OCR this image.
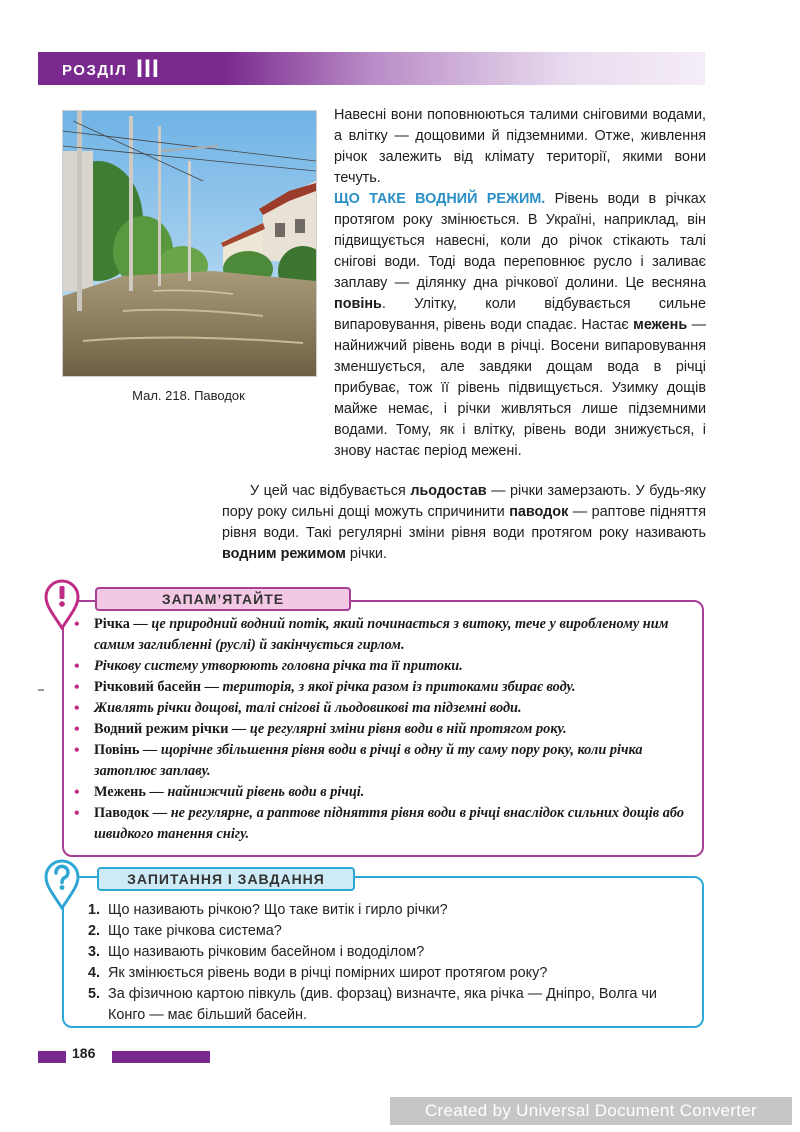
РОЗДІЛ III
Мал. 218. Паводок

Навесні вони поповнюються талими сніговими водами, а влітку — дощовими й підземними. Отже, живлення річок залежить від клімату території, якими вони течуть.

ЩО ТАКЕ ВОДНИЙ РЕЖИМ. Рівень води в річках протягом року змінюється. В Україні, наприклад, він підвищується навесні, коли до річок стікають талі снігові води. Тоді вода переповнює русло і заливає заплаву — ділянку дна річкової долини. Це весняна повінь. Улітку, коли відбувається сильне випаровування, рівень води спадає. Настає межень — найнижчий рівень води в річці. Восени випаровування зменшується, але завдяки дощам вода в річці прибуває, тож її рівень підвищується. Узимку дощів майже немає, і річки живляться лише підземними водами. Тому, як і влітку, рівень води знижується, і знову настає період межені.

У цей час відбувається льодостав — річки замерзають. У будь-яку пору року сильні дощі можуть спричинити паводок — раптове підняття рівня води. Такі регулярні зміни рівня води протягом року називають водним режимом річки.

ЗАПАМ’ЯТАЙТЕ
• Річка — це природний водний потік, який починається з витоку, тече у виробленому ним самим заглибленні (руслі) й закінчується гирлом.
• Річкову систему утворюють головна річка та її притоки.
• Річковий басейн — територія, з якої річка разом із притоками збирає воду.
• Живлять річки дощові, талі снігові й льодовикові та підземні води.
• Водний режим річки — це регулярні зміни рівня води в ній протягом року.
• Повінь — щорічне збільшення рівня води в річці в одну й ту саму пору року, коли річка затоплює заплаву.
• Межень — найнижчий рівень води в річці.
• Паводок — не регулярне, а раптове підняття рівня води в річці внаслідок сильних дощів або швидкого танення снігу.
ЗАПИТАННЯ І ЗАВДАННЯ
1. Що називають річкою? Що таке витік і гирло річки?
2. Що таке річкова система?
3. Що називають річковим басейном і вододілом?
4. Як змінюється рівень води в річці помірних широт протягом року?
5. За фізичною картою півкуль (див. форзац) визначте, яка річка — Дніпро, Волга чи Конго — має більший басейн.
186
Created by Universal Document Converter
